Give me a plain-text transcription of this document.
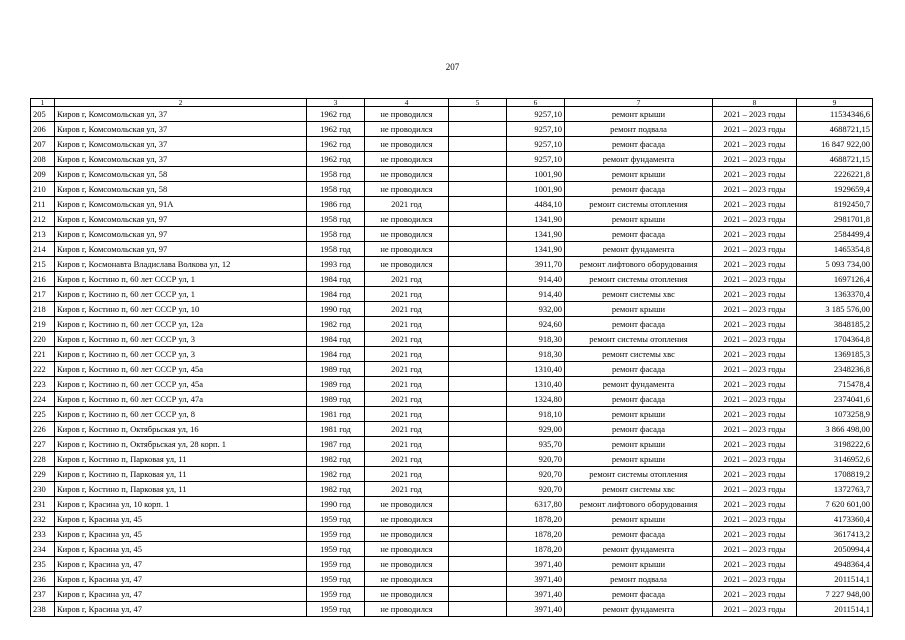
207
1	2	3	4	5	6	7	8	9
205	Киров г, Комсомольская ул, 37	1962 год	не проводился		9257,10	ремонт крыши	2021 – 2023 годы	11534346,6
206	Киров г, Комсомольская ул, 37	1962 год	не проводился		9257,10	ремонт подвала	2021 – 2023 годы	4688721,15
207	Киров г, Комсомольская ул, 37	1962 год	не проводился		9257,10	ремонт фасада	2021 – 2023 годы	16 847 922,00
208	Киров г, Комсомольская ул, 37	1962 год	не проводился		9257,10	ремонт фундамента	2021 – 2023 годы	4688721,15
209	Киров г, Комсомольская ул, 58	1958 год	не проводился		1001,90	ремонт крыши	2021 – 2023 годы	2226221,8
210	Киров г, Комсомольская ул, 58	1958 год	не проводился		1001,90	ремонт фасада	2021 – 2023 годы	1929659,4
211	Киров г, Комсомольская ул, 91А	1986 год	2021 год		4484,10	ремонт системы отопления	2021 – 2023 годы	8192450,7
212	Киров г, Комсомольская ул, 97	1958 год	не проводился		1341,90	ремонт крыши	2021 – 2023 годы	2981701,8
213	Киров г, Комсомольская ул, 97	1958 год	не проводился		1341,90	ремонт фасада	2021 – 2023 годы	2584499,4
214	Киров г, Комсомольская ул, 97	1958 год	не проводился		1341,90	ремонт фундамента	2021 – 2023 годы	1465354,8
215	Киров г, Космонавта Владислава Волкова ул, 12	1993 год	не проводился		3911,70	ремонт лифтового оборудования	2021 – 2023 годы	5 093 734,00
216	Киров г, Костино п, 60 лет СССР ул, 1	1984 год	2021 год		914,40	ремонт системы отопления	2021 – 2023 годы	1697126,4
217	Киров г, Костино п, 60 лет СССР ул, 1	1984 год	2021 год		914,40	ремонт системы хвс	2021 – 2023 годы	1363370,4
218	Киров г, Костино п, 60 лет СССР ул, 10	1990 год	2021 год		932,00	ремонт крыши	2021 – 2023 годы	3 185 576,00
219	Киров г, Костино п, 60 лет СССР ул, 12а	1982 год	2021 год		924,60	ремонт фасада	2021 – 2023 годы	3848185,2
220	Киров г, Костино п, 60 лет СССР ул, 3	1984 год	2021 год		918,30	ремонт системы отопления	2021 – 2023 годы	1704364,8
221	Киров г, Костино п, 60 лет СССР ул, 3	1984 год	2021 год		918,30	ремонт системы хвс	2021 – 2023 годы	1369185,3
222	Киров г, Костино п, 60 лет СССР ул, 45а	1989 год	2021 год		1310,40	ремонт фасада	2021 – 2023 годы	2348236,8
223	Киров г, Костино п, 60 лет СССР ул, 45а	1989 год	2021 год		1310,40	ремонт фундамента	2021 – 2023 годы	715478,4
224	Киров г, Костино п, 60 лет СССР ул, 47а	1989 год	2021 год		1324,80	ремонт фасада	2021 – 2023 годы	2374041,6
225	Киров г, Костино п, 60 лет СССР ул, 8	1981 год	2021 год		918,10	ремонт крыши	2021 – 2023 годы	1073258,9
226	Киров г, Костино п, Октябрьская ул, 16	1981 год	2021 год		929,00	ремонт фасада	2021 – 2023 годы	3 866 498,00
227	Киров г, Костино п, Октябрьская ул, 28 корп. 1	1987 год	2021 год		935,70	ремонт крыши	2021 – 2023 годы	3198222,6
228	Киров г, Костино п, Парковая ул, 11	1982 год	2021 год		920,70	ремонт крыши	2021 – 2023 годы	3146952,6
229	Киров г, Костино п, Парковая ул, 11	1982 год	2021 год		920,70	ремонт системы отопления	2021 – 2023 годы	1708819,2
230	Киров г, Костино п, Парковая ул, 11	1982 год	2021 год		920,70	ремонт системы хвс	2021 – 2023 годы	1372763,7
231	Киров г, Красина ул, 10 корп. 1	1990 год	не проводился		6317,80	ремонт лифтового оборудования	2021 – 2023 годы	7 620 601,00
232	Киров г, Красина ул, 45	1959 год	не проводился		1878,20	ремонт крыши	2021 – 2023 годы	4173360,4
233	Киров г, Красина ул, 45	1959 год	не проводился		1878,20	ремонт фасада	2021 – 2023 годы	3617413,2
234	Киров г, Красина ул, 45	1959 год	не проводился		1878,20	ремонт фундамента	2021 – 2023 годы	2050994,4
235	Киров г, Красина ул, 47	1959 год	не проводился		3971,40	ремонт крыши	2021 – 2023 годы	4948364,4
236	Киров г, Красина ул, 47	1959 год	не проводился		3971,40	ремонт подвала	2021 – 2023 годы	2011514,1
237	Киров г, Красина ул, 47	1959 год	не проводился		3971,40	ремонт фасада	2021 – 2023 годы	7 227 948,00
238	Киров г, Красина ул, 47	1959 год	не проводился		3971,40	ремонт фундамента	2021 – 2023 годы	2011514,1
